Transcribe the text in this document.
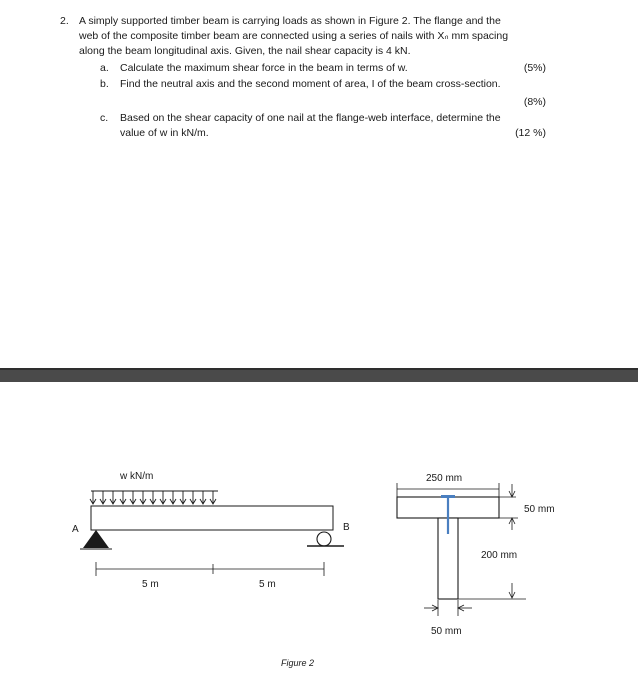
2. A simply supported timber beam is carrying loads as shown in Figure 2. The flange and the
web of the composite timber beam are connected using a series of nails with Xₙ mm spacing
along the beam longitudinal axis. Given, the nail shear capacity is 4 kN.
a. Calculate the maximum shear force in the beam in terms of w.	(5%)
b. Find the neutral axis and the second moment of area, I of the beam cross-section.
(8%)
c. Based on the shear capacity of one nail at the flange-web interface, determine the
value of w in kN/m.	(12 %)
w kN/m
A	B
5 m	5 m
250 mm
50 mm
200 mm
50 mm
Figure 2
